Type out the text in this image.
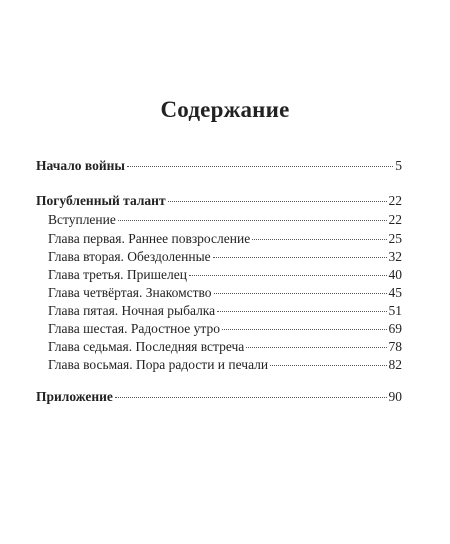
Содержание
Начало войны	5
Погубленный талант	22
Вступление	22
Глава первая. Раннее повзросление	25
Глава вторая. Обездоленные	32
Глава третья. Пришелец	40
Глава четвёртая. Знакомство	45
Глава пятая. Ночная рыбалка	51
Глава шестая. Радостное утро	69
Глава седьмая. Последняя встреча	78
Глава восьмая. Пора радости и печали	82
Приложение	90
